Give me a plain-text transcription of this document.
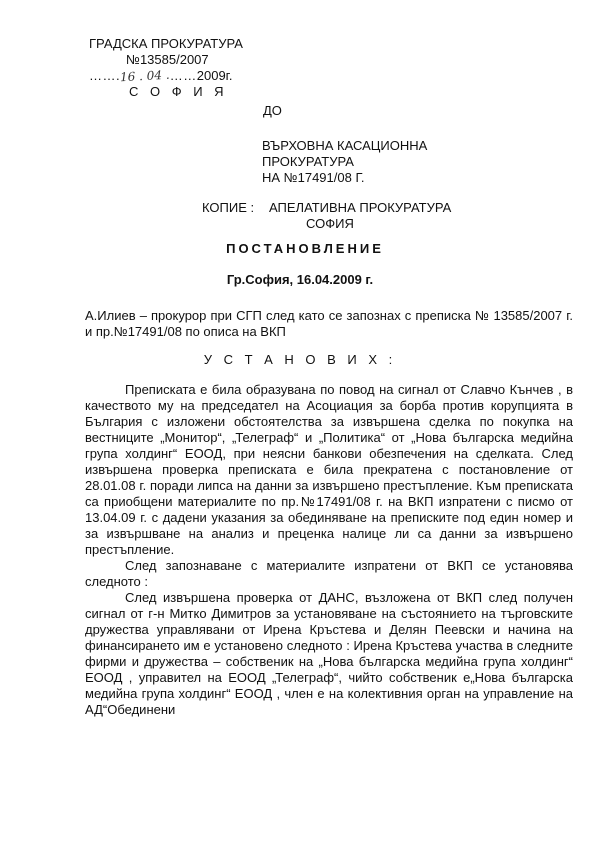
ГРАДСКА ПРОКУРАТУРА
№13585/2007
…….16 . 04 .……2009г.
С О Ф И Я
ДО
ВЪРХОВНА КАСАЦИОННА
ПРОКУРАТУРА
НА №17491/08 Г.
КОПИЕ : АПЕЛАТИВНА ПРОКУРАТУРА
СОФИЯ
ПОСТАНОВЛЕНИЕ
Гр.София, 16.04.2009 г.
А.Илиев – прокурор при СГП след като се запознах с преписка № 13585/2007 г. и пр.№17491/08 по описа на ВКП
У С Т А Н О В И Х :

Преписката е била образувана по повод на сигнал от Славчо Кънчев , в качеството му на председател на Асоциация за борба против корупцията в България с изложени обстоятелства за извършена сделка по покупка на вестниците „Монитор“, „Телеграф“ и „Политика“ от „Нова българска медийна група холдинг“ ЕООД, при неясни банкови обезпечения на сделката. След извършена проверка преписката е била прекратена с постановление от 28.01.08 г. поради липса на данни за извършено престъпление. Към преписката са приобщени материалите по пр.№17491/08 г. на ВКП изпратени с писмо от 13.04.09 г. с дадени указания за обединяване на преписките под един номер и за извършване на анализ и преценка налице ли са данни за извършено престъпление.

След запознаване с материалите изпратени от ВКП се установява следното :

След извършена проверка от ДАНС, възложена от ВКП след получен сигнал от г-н Митко Димитров за установяване на състоянието на търговските дружества управлявани от Ирена Кръстева и Делян Пеевски и начина на финансирането им е установено следното : Ирена Кръстева участва в следните фирми и дружества – собственик на „Нова българска медийна група холдинг“ ЕООД , управител на ЕООД „Телеграф“, чийто собственик е„Нова българска медийна група холдинг“ ЕООД , член е на колективния орган на управление на АД“Обединени
